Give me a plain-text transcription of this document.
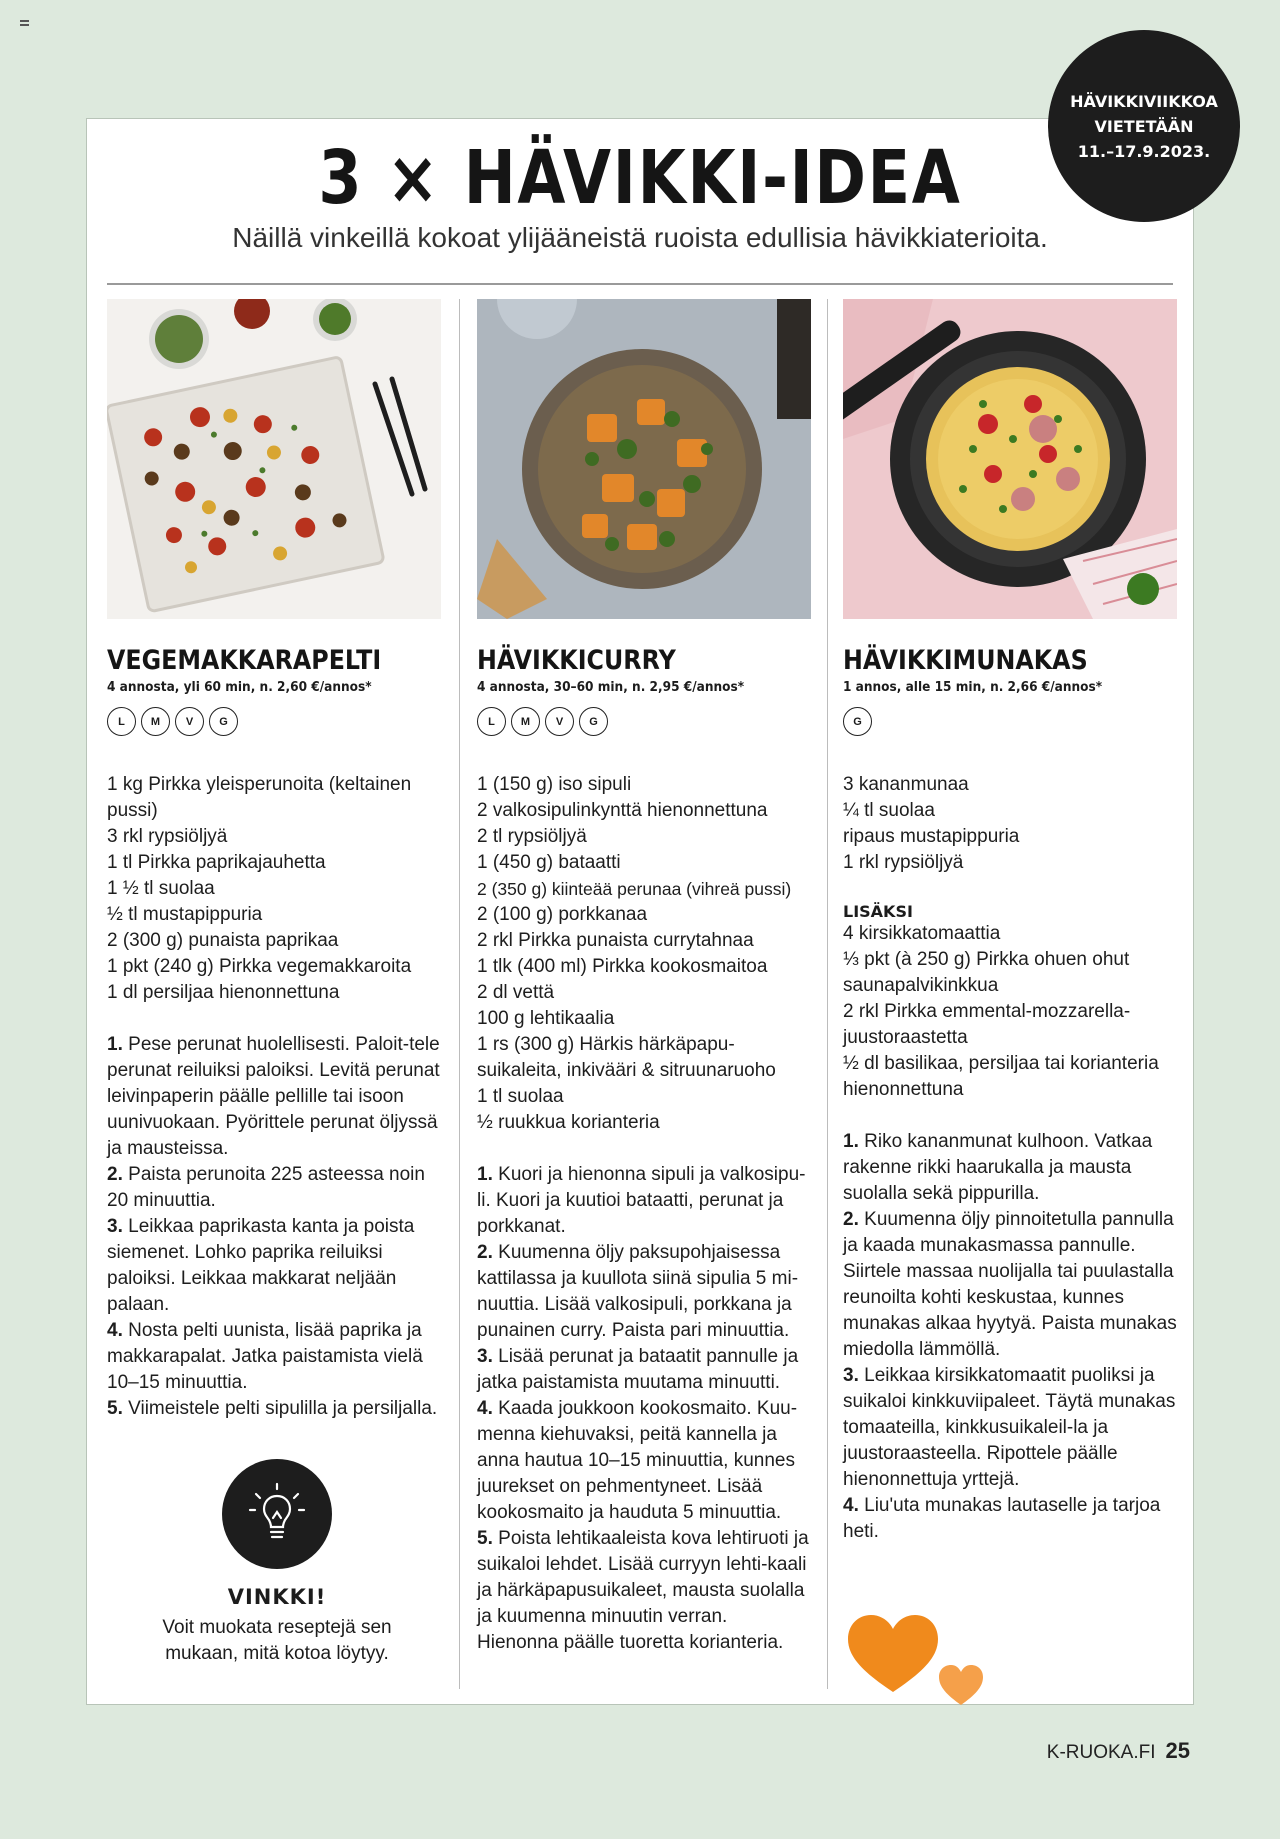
HÄVIKKIVIIKKOA
VIETETÄÄN
11.–17.9.2023.
3 × HÄVIKKI-IDEA

Näillä vinkeillä kokoat ylijääneistä ruoista edullisia hävikkiaterioita.

VEGEMAKKARAPELTI
4 annosta, yli 60 min, n. 2,60 €/annos*
L	M	V	G
1 kg Pirkka yleisperunoita (keltainen
pussi)
3 rkl rypsiöljyä
1 tl Pirkka paprikajauhetta
1 ½ tl suolaa
½ tl mustapippuria
2 (300 g) punaista paprikaa
1 pkt (240 g) Pirkka vegemakkaroita
1 dl persiljaa hienonnettuna

1. Pese perunat huolellisesti. Paloit-tele perunat reiluiksi paloiksi. Levitä perunat leivinpaperin päälle pellille tai isoon uunivuokaan. Pyörittele perunat öljyssä ja mausteissa.

2. Paista perunoita 225 asteessa noin 20 minuuttia.

3. Leikkaa paprikasta kanta ja poista siemenet. Lohko paprika reiluiksi paloiksi. Leikkaa makkarat neljään palaan.

4. Nosta pelti uunista, lisää paprika ja makkarapalat. Jatka paistamista vielä 10–15 minuuttia.

5. Viimeistele pelti sipulilla ja persiljalla.

VINKKI!
Voit muokata reseptejä sen
mukaan, mitä kotoa löytyy.
HÄVIKKICURRY
4 annosta, 30–60 min, n. 2,95 €/annos*
L	M	V	G
1 (150 g) iso sipuli
2 valkosipulinkynttä hienonnettuna
2 tl rypsiöljyä
1 (450 g) bataatti
2 (350 g) kiinteää perunaa (vihreä pussi)
2 (100 g) porkkanaa
2 rkl Pirkka punaista currytahnaa
1 tlk (400 ml) Pirkka kookosmaitoa
2 dl vettä
100 g lehtikaalia
1 rs (300 g) Härkis härkäpapu-
suikaleita, inkivääri & sitruunaruoho
1 tl suolaa
½ ruukkua korianteria

1. Kuori ja hienonna sipuli ja valkosipu-li. Kuori ja kuutioi bataatti, perunat ja porkkanat.

2. Kuumenna öljy paksupohjaisessa kattilassa ja kuullota siinä sipulia 5 mi-nuuttia. Lisää valkosipuli, porkkana ja punainen curry. Paista pari minuuttia.

3. Lisää perunat ja bataatit pannulle ja jatka paistamista muutama minuutti.

4. Kaada joukkoon kookosmaito. Kuu-menna kiehuvaksi, peitä kannella ja anna hautua 10–15 minuuttia, kunnes juurekset on pehmentyneet. Lisää kookosmaito ja hauduta 5 minuuttia.

5. Poista lehtikaaleista kova lehtiruoti ja suikaloi lehdet. Lisää curryyn lehti-kaali ja härkäpapusuikaleet, mausta suolalla ja kuumenna minuutin verran. Hienonna päälle tuoretta korianteria.

HÄVIKKIMUNAKAS
1 annos, alle 15 min, n. 2,66 €/annos*
G
3 kananmunaa
¼ tl suolaa
ripaus mustapippuria
1 rkl rypsiöljyä
LISÄKSI
4 kirsikkatomaattia
⅓ pkt (à 250 g) Pirkka ohuen ohut
saunapalvikinkkua
2 rkl Pirkka emmental-mozzarella-
juustoraastetta
½ dl basilikaa, persiljaa tai korianteria
hienonnettuna

1. Riko kananmunat kulhoon. Vatkaa rakenne rikki haarukalla ja mausta suolalla sekä pippurilla.

2. Kuumenna öljy pinnoitetulla pannulla ja kaada munakasmassa pannulle. Siirtele massaa nuolijalla tai puulastalla reunoilta kohti keskustaa, kunnes munakas alkaa hyytyä. Paista munakas miedolla lämmöllä.

3. Leikkaa kirsikkatomaatit puoliksi ja suikaloi kinkkuviipaleet. Täytä munakas tomaateilla, kinkkusuikaleil-la ja juustoraasteella. Ripottele päälle hienonnettuja yrttejä.

4. Liu'uta munakas lautaselle ja tarjoa heti.

K-RUOKA.FI 25
